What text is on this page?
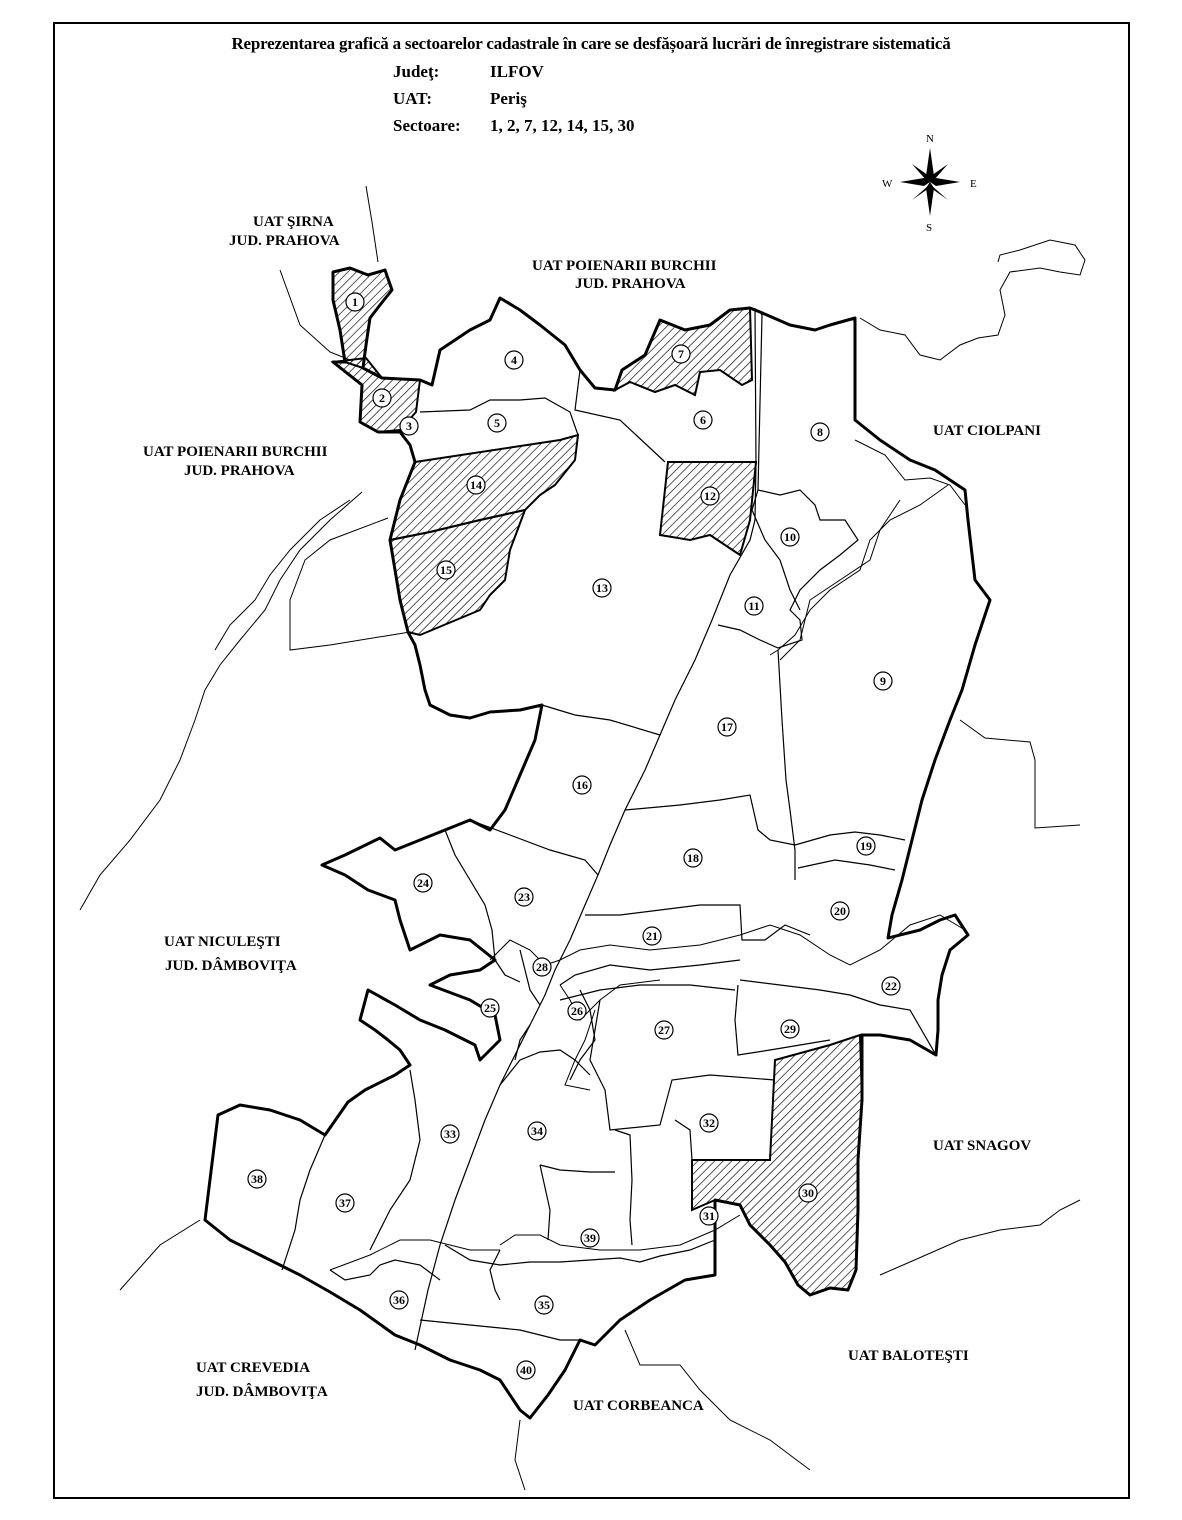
Reprezentarea grafică a sectoarelor cadastrale în care se desfășoară lucrări de înregistrare sistematică
Judeţ:	ILFOV
UAT:	Periş
Sectoare: 1, 2, 7, 12, 14, 15, 30
N
S
W	E
UAT ŞIRNA
JUD. PRAHOVA
UAT POIENARII BURCHII
JUD. PRAHOVA
UAT POIENARII BURCHII
JUD. PRAHOVA
UAT CIOLPANI
UAT NICULEŞTI
JUD. DÂMBOVIŢA
UAT SNAGOV
UAT CREVEDIA
JUD. DÂMBOVIŢA
UAT BALOTEŞTI
UAT CORBEANCA
1
2
3
4
5	6
7
8
9
10
11
12
13
14
15
16
17
18
19
20
21
22
23
24
25	26
27
28
29
30
31
32
33	34
35
36
37
38
39
40
